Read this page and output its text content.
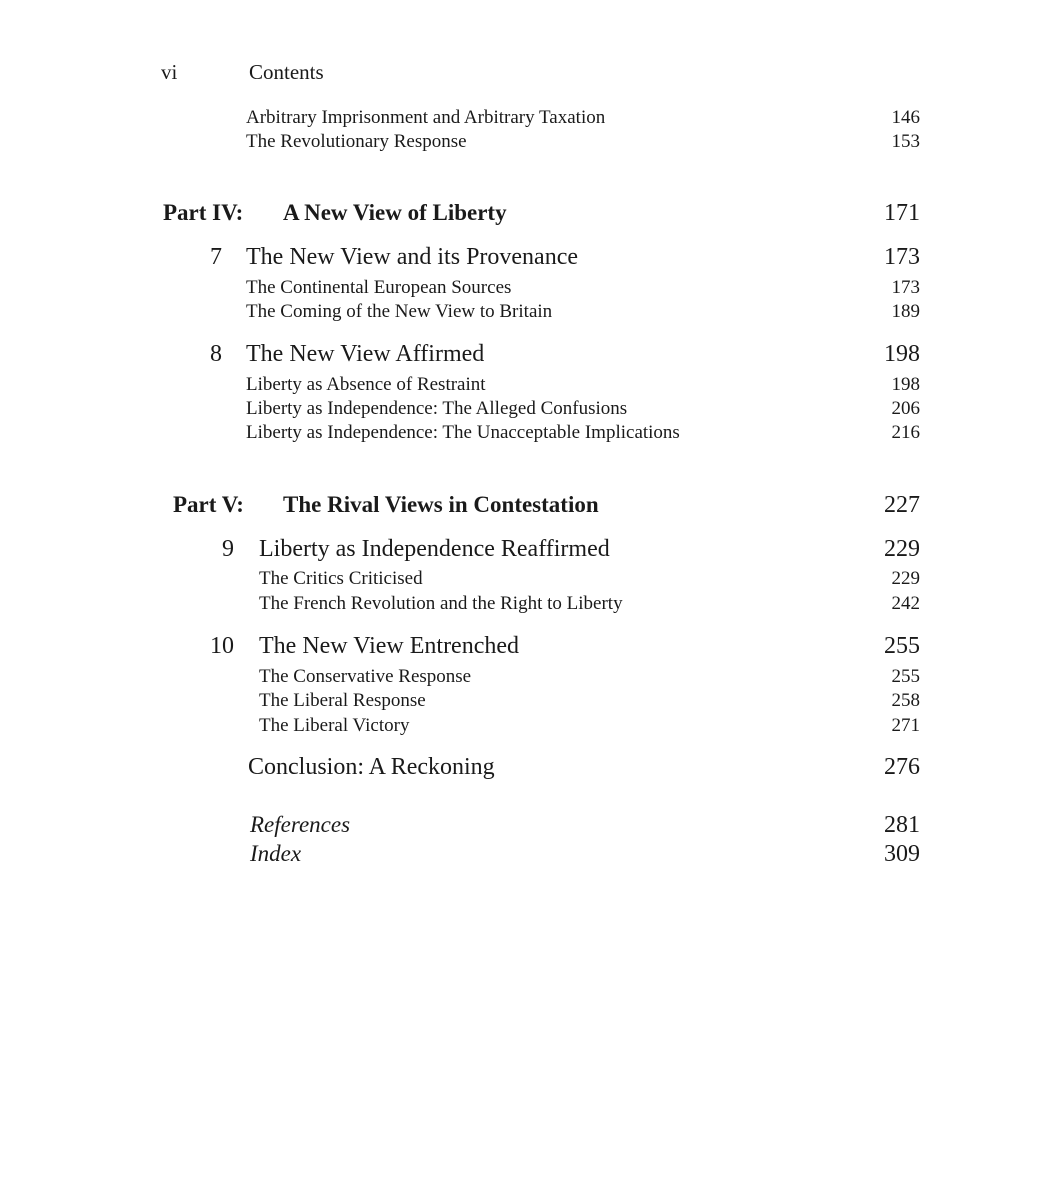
vi	Contents
Arbitrary Imprisonment and Arbitrary Taxation	146
The Revolutionary Response	153
Part IV: A New View of Liberty	171
7 The New View and its Provenance	173
The Continental European Sources	173
The Coming of the New View to Britain	189
8 The New View Affirmed	198
Liberty as Absence of Restraint	198
Liberty as Independence: The Alleged Confusions	206
Liberty as Independence: The Unacceptable Implications	216
Part V: The Rival Views in Contestation	227
9 Liberty as Independence Reaffirmed	229
The Critics Criticised	229
The French Revolution and the Right to Liberty	242
10 The New View Entrenched	255
The Conservative Response	255
The Liberal Response	258
The Liberal Victory	271
Conclusion: A Reckoning	276
References	281
Index	309
